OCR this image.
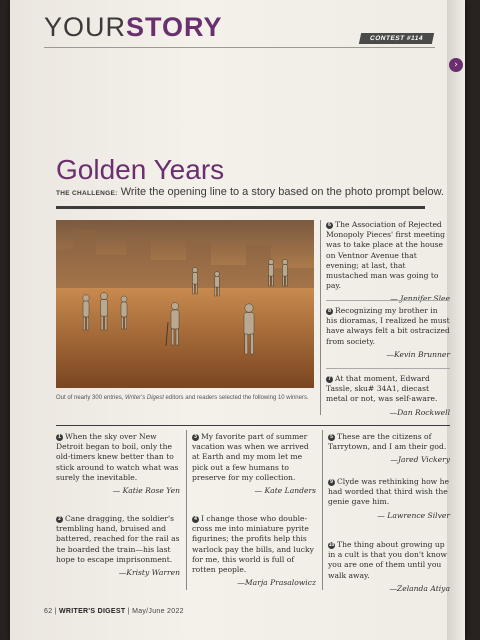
›
YOURSTORY	CONTEST #114
Golden Years
THE CHALLENGE: Write the opening line to a story based on the photo prompt below.
Out of nearly 300 entries, Writer's Digest editors and readers selected the following 10 winners.
6 The Association of Rejected Monopoly Pieces' first meeting was to take place at the house on Ventnor Avenue that evening; at last, that mustached man was going to pay.
— Jennifer Slee
8 Recognizing my brother in his dioramas, I realized he must have always felt a bit ostracized from society.
—Kevin Brunner
7 At that moment, Edward Tassle, sku# 34A1, diecast metal or not, was self-aware.
—Dan Rockwell
1 When the sky over New Detroit began to boil, only the old-timers knew better than to stick around to watch what was surely the inevitable.
— Katie Rose Yen
2 Cane dragging, the soldier's trembling hand, bruised and battered, reached for the rail as he boarded the train—his last hope to escape imprisonment.
—Kristy Warren
3 My favorite part of summer vacation was when we arrived at Earth and my mom let me pick out a few humans to preserve for my collection.
— Kate Landers
4 I change those who double-cross me into miniature pyrite figurines; the profits help this warlock pay the bills, and lucky for me, this world is full of rotten people.
—Marja Prasalowicz
5 These are the citizens of Tarrytown, and I am their god.
—Jared Vickery
9 Clyde was rethinking how he had worded that third wish the genie gave him.
— Lawrence Silver
10 The thing about growing up in a cult is that you don't know you are one of them until you walk away.
—Zelanda Atiya
62 | WRITER'S DIGEST | May/June 2022
